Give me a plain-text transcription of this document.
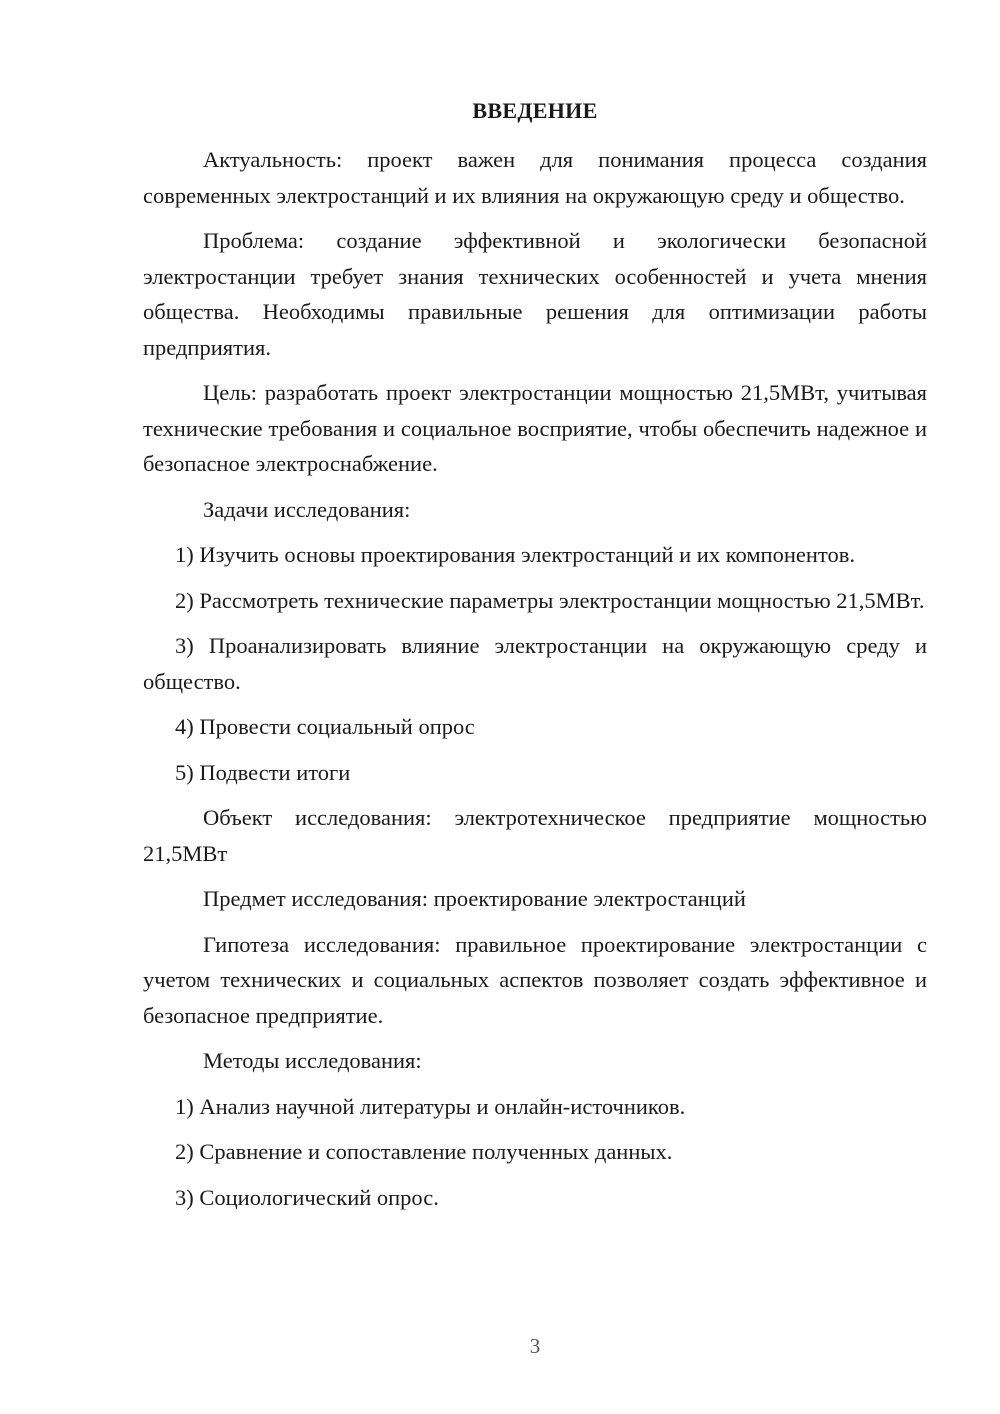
ВВЕДЕНИЕ

Актуальность: проект важен для понимания процесса создания современных электростанций и их влияния на окружающую среду и общество.

Проблема: создание эффективной и экологически безопасной электростанции требует знания технических особенностей и учета мнения общества. Необходимы правильные решения для оптимизации работы предприятия.

Цель: разработать проект электростанции мощностью 21,5МВт, учитывая технические требования и социальное восприятие, чтобы обеспечить надежное и безопасное электроснабжение.

Задачи исследования:

1) Изучить основы проектирования электростанций и их компонентов.

2) Рассмотреть технические параметры электростанции мощностью 21,5МВт.

3) Проанализировать влияние электростанции на окружающую среду и общество.

4) Провести социальный опрос

5) Подвести итоги

Объект исследования: электротехническое предприятие мощностью 21,5МВт

Предмет исследования: проектирование электростанций

Гипотеза исследования: правильное проектирование электростанции с учетом технических и социальных аспектов позволяет создать эффективное и безопасное предприятие.

Методы исследования:

1) Анализ научной литературы и онлайн-источников.

2) Сравнение и сопоставление полученных данных.

3) Социологический опрос.

3
